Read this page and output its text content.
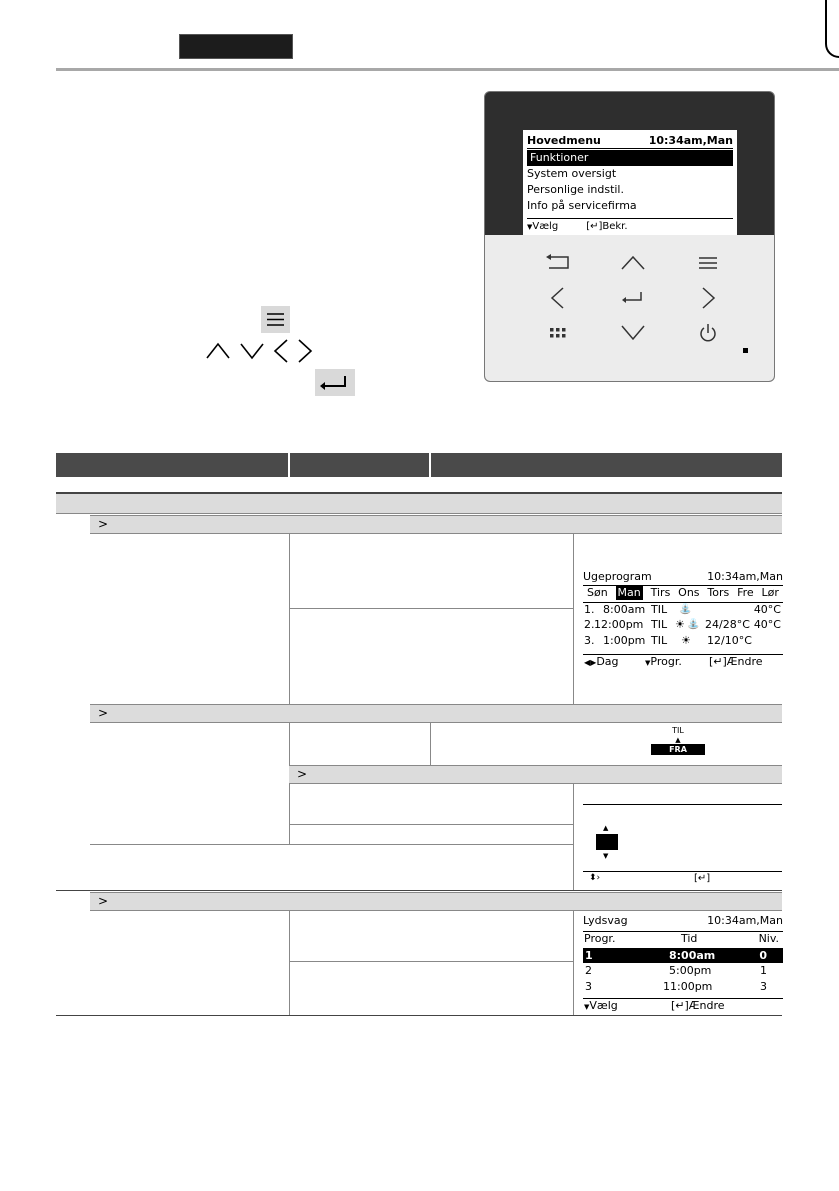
Hovedmenu	10:34am,Man
Funktioner
System oversigt
Personlige indstil.
Info på servicefirma
▼Vælg	[↵]Bekr.
>
Ugeprogram	10:34am,Man
Søn Man Tirs Ons Tors Fre Lør
1. 8:00am TIL ⛲	40°C
2. 12:00pm TIL ☀ ⛲ 24/28°C 40°C
3. 1:00pm TIL ☀ 12/10°C
◀▶Dag	▼Progr. [↵]Ændre
>
>
TIL
▲
FRA
▲
▼
⬍›	[↵]
>
Lydsvag	10:34am,Man
Progr.	Tid	Niv.
1	8:00am	0
2	5:00pm	1
3	11:00pm	3
▼Vælg	[↵]Ændre
